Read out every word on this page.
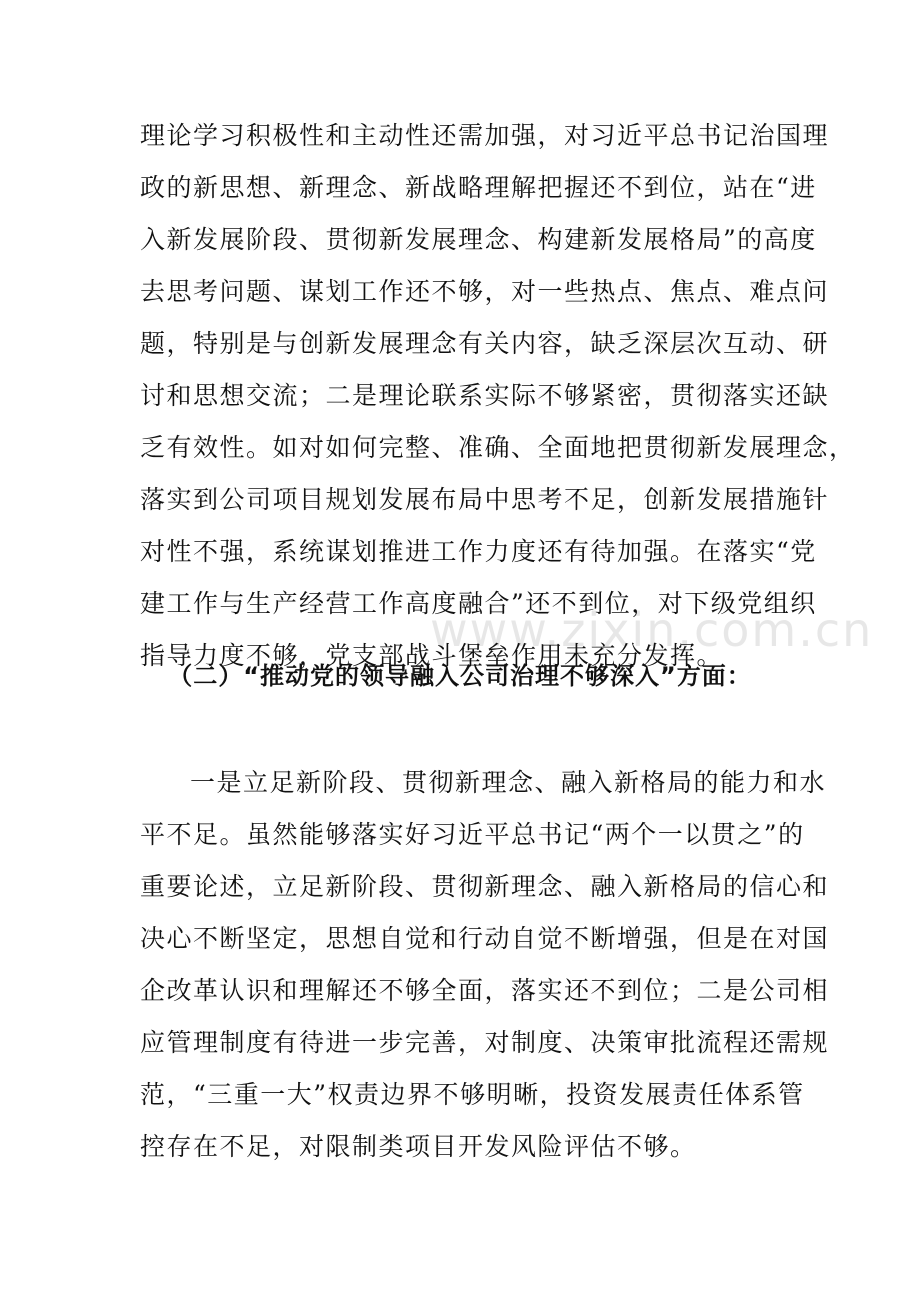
www.zixin.com.cn
理论学习积极性和主动性还需加强，对习近平总书记治国理
政的新思想、新理念、新战略理解把握还不到位，站在“进
入新发展阶段、贯彻新发展理念、构建新发展格局”的高度
去思考问题、谋划工作还不够，对一些热点、焦点、难点问
题，特别是与创新发展理念有关内容，缺乏深层次互动、研
讨和思想交流；二是理论联系实际不够紧密，贯彻落实还缺
乏有效性。如对如何完整、准确、全面地把贯彻新发展理念，
落实到公司项目规划发展布局中思考不足，创新发展措施针
对性不强，系统谋划推进工作力度还有待加强。在落实“党
建工作与生产经营工作高度融合”还不到位，对下级党组织
指导力度不够，党支部战斗堡垒作用未充分发挥。
（二）“推动党的领导融入公司治理不够深入”方面：
一是立足新阶段、贯彻新理念、融入新格局的能力和水
平不足。虽然能够落实好习近平总书记“两个一以贯之”的
重要论述，立足新阶段、贯彻新理念、融入新格局的信心和
决心不断坚定，思想自觉和行动自觉不断增强，但是在对国
企改革认识和理解还不够全面，落实还不到位；二是公司相
应管理制度有待进一步完善，对制度、决策审批流程还需规
范，“三重一大”权责边界不够明晰，投资发展责任体系管
控存在不足，对限制类项目开发风险评估不够。
